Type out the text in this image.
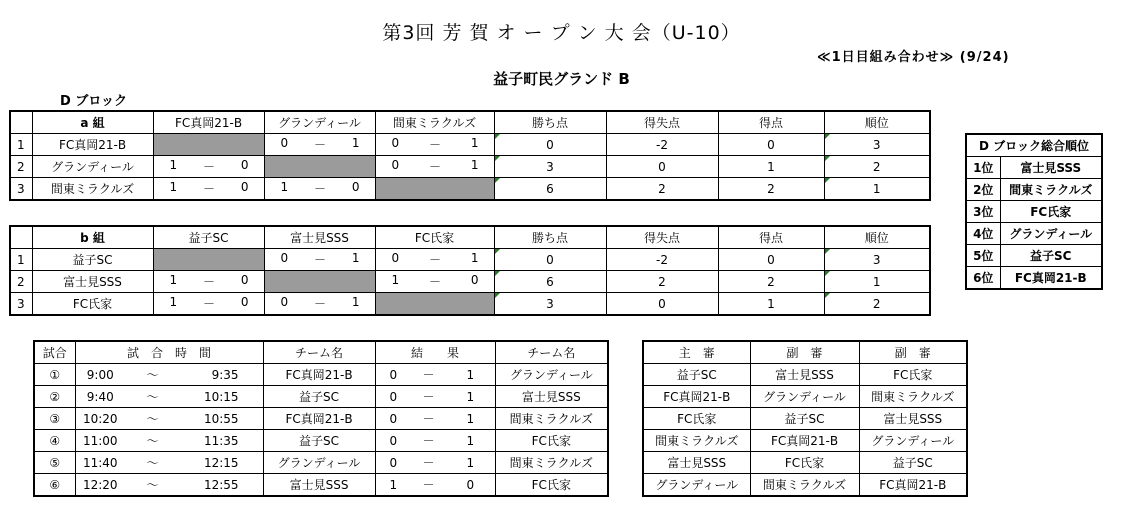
第3回 芳 賀 オ ー プ ン 大 会（U-10）
≪1日目組み合わせ≫ (9/24)
益子町民グランド B
D ブロック
	a 組	FC真岡21-B	グランディール	間東ミラクルズ	勝ち点	得失点	得点	順位
1	FC真岡21-B		0 － 1	0 － 1	0	-2	0	3
2	グランディール	1 － 0		0 － 1	3	0	1	2
3	間東ミラクルズ	1 － 0	1 － 0		6	2	2	1
	b 組	益子SC	富士見SSS	FC氏家	勝ち点	得失点	得点	順位
1	益子SC		0 － 1	0 － 1	0	-2	0	3
2	富士見SSS	1 － 0		1 － 0	6	2	2	1
3	FC氏家	1 － 0	0 － 1		3	0	1	2
D ブロック総合順位	
1位	富士見SSS
2位	間東ミラクルズ
3位	FC氏家
4位	グランディール
5位	益子SC
6位	FC真岡21-B
試合	試　合　時　間			チーム名	結　　果			チーム名
①	9:00	～	9:35	FC真岡21-B	0	－	1	グランディール
②	9:40	～	10:15	益子SC	0	－	1	富士見SSS
③	10:20	～	10:55	FC真岡21-B	0	－	1	間東ミラクルズ
④	11:00	～	11:35	益子SC	0	－	1	FC氏家
⑤	11:40	～	12:15	グランディール	0	－	1	間東ミラクルズ
⑥	12:20	～	12:55	富士見SSS	1	－	0	FC氏家
主　審	副　審	副　審
益子SC	富士見SSS	FC氏家
FC真岡21-B	グランディール	間東ミラクルズ
FC氏家	益子SC	富士見SSS
間東ミラクルズ	FC真岡21-B	グランディール
富士見SSS	FC氏家	益子SC
グランディール	間東ミラクルズ	FC真岡21-B
